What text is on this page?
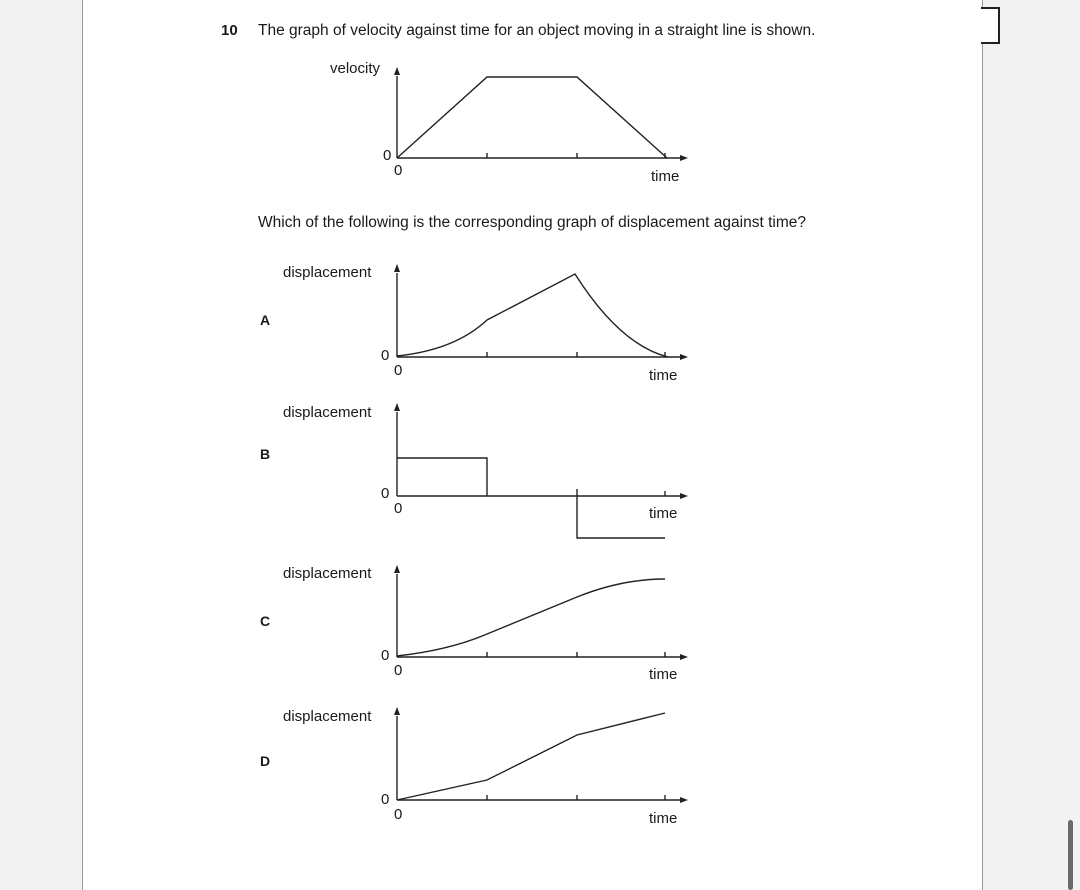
10 The graph of velocity against time for an object moving in a straight line is shown.
velocity
0
0	time
Which of the following is the corresponding graph of displacement against time?
A
displacement
0
0	time
B
displacement
0
0	time
C
displacement
0
0	time
D
displacement
0
0	time
